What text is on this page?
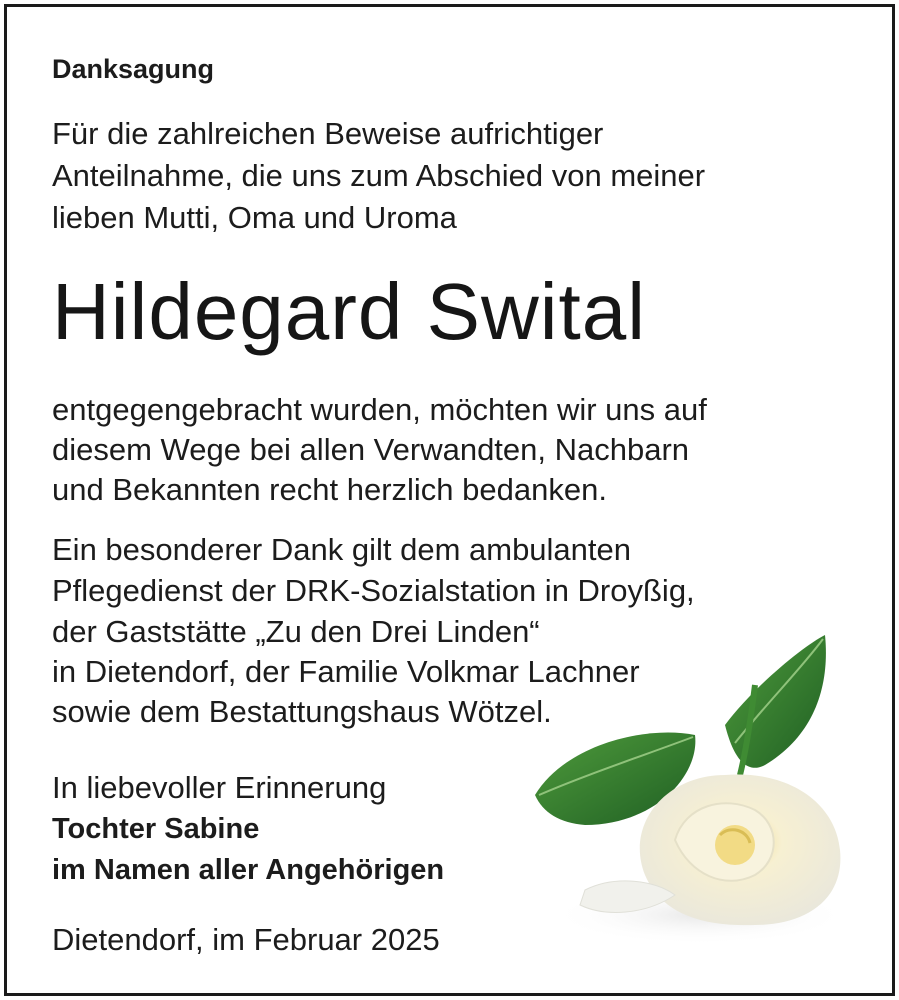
Danksagung
Für die zahlreichen Beweise aufrichtiger
Anteilnahme, die uns zum Abschied von meiner
lieben Mutti, Oma und Uroma
Hildegard Swital
entgegengebracht wurden, möchten wir uns auf
diesem Wege bei allen Verwandten, Nachbarn
und Bekannten recht herzlich bedanken.
Ein besonderer Dank gilt dem ambulanten
Pflegedienst der DRK-Sozialstation in Droyßig,
der Gaststätte „Zu den Drei Linden“
in Dietendorf, der Familie Volkmar Lachner
sowie dem Bestattungshaus Wötzel.
In liebevoller Erinnerung
Tochter Sabine
im Namen aller Angehörigen
Dietendorf, im Februar 2025
